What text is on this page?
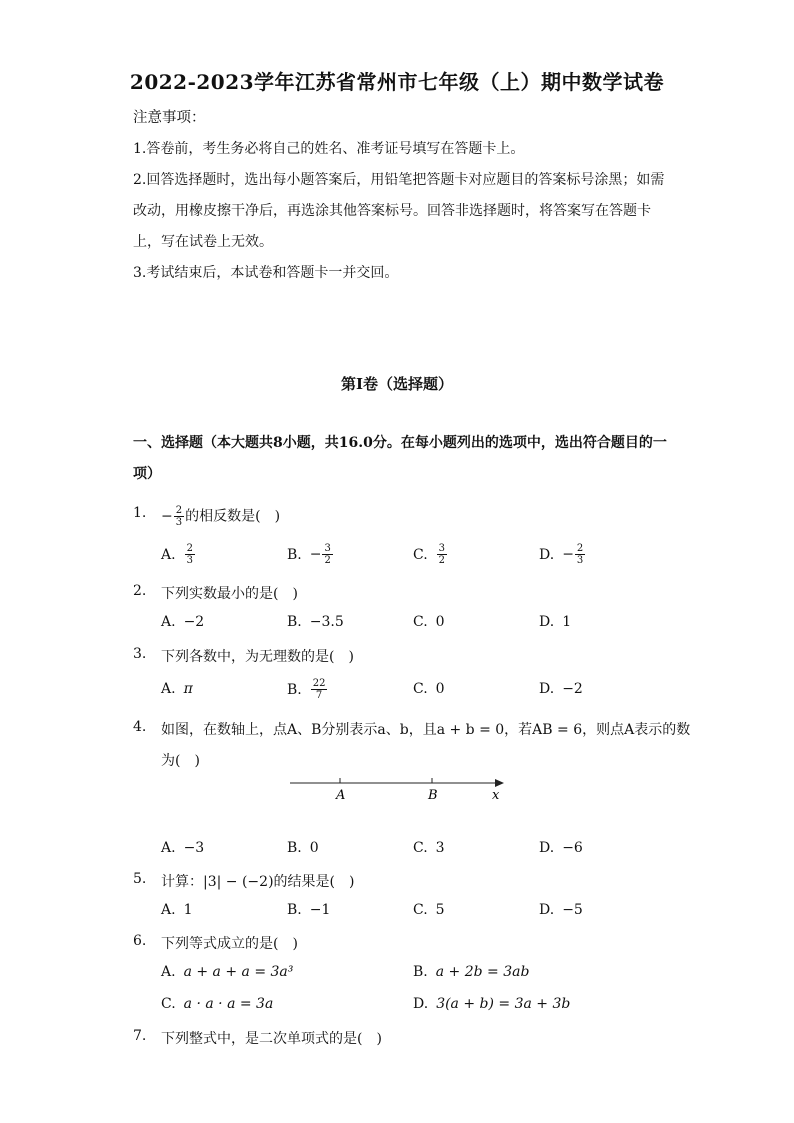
2022-2023学年江苏省常州市七年级（上）期中数学试卷
注意事项：
1.答卷前，考生务必将自己的姓名、准考证号填写在答题卡上。
2.回答选择题时，选出每小题答案后，用铅笔把答题卡对应题目的答案标号涂黑；如需改动，用橡皮擦干净后，再选涂其他答案标号。回答非选择题时，将答案写在答题卡上，写在试卷上无效。
3.考试结束后，本试卷和答题卡一并交回。
第Ⅰ卷（选择题）
一、选择题（本大题共8小题，共16.0分。在每小题列出的选项中，选出符合题目的一项）
1.	− $\frac{2}{3}$ 的相反数是(　)
A. $\frac{2}{3}$	B. − $\frac{3}{2}$	C. $\frac{3}{2}$	D. − $\frac{2}{3}$
2.	下列实数最小的是(　)
A. −2	B. −3.5	C. 0	D. 1
3.	下列各数中，为无理数的是(　)
A. π	B. $\frac{22}{7}$	C. 0	D. −2
4.	如图，在数轴上，点A、B分别表示a、b，且a + b = 0，若AB = 6，则点A表示的数
为(　)
A	B	x
A. −3	B. 0	C. 3	D. −6
5.	计算：|3| − (−2)的结果是(　)
A. 1	B. −1	C. 5	D. −5
6.	下列等式成立的是(　)
A. a + a + a = 3a³	B. a + 2b = 3ab
C. a · a · a = 3a	D. 3(a + b) = 3a + 3b
7.	下列整式中，是二次单项式的是(　)
